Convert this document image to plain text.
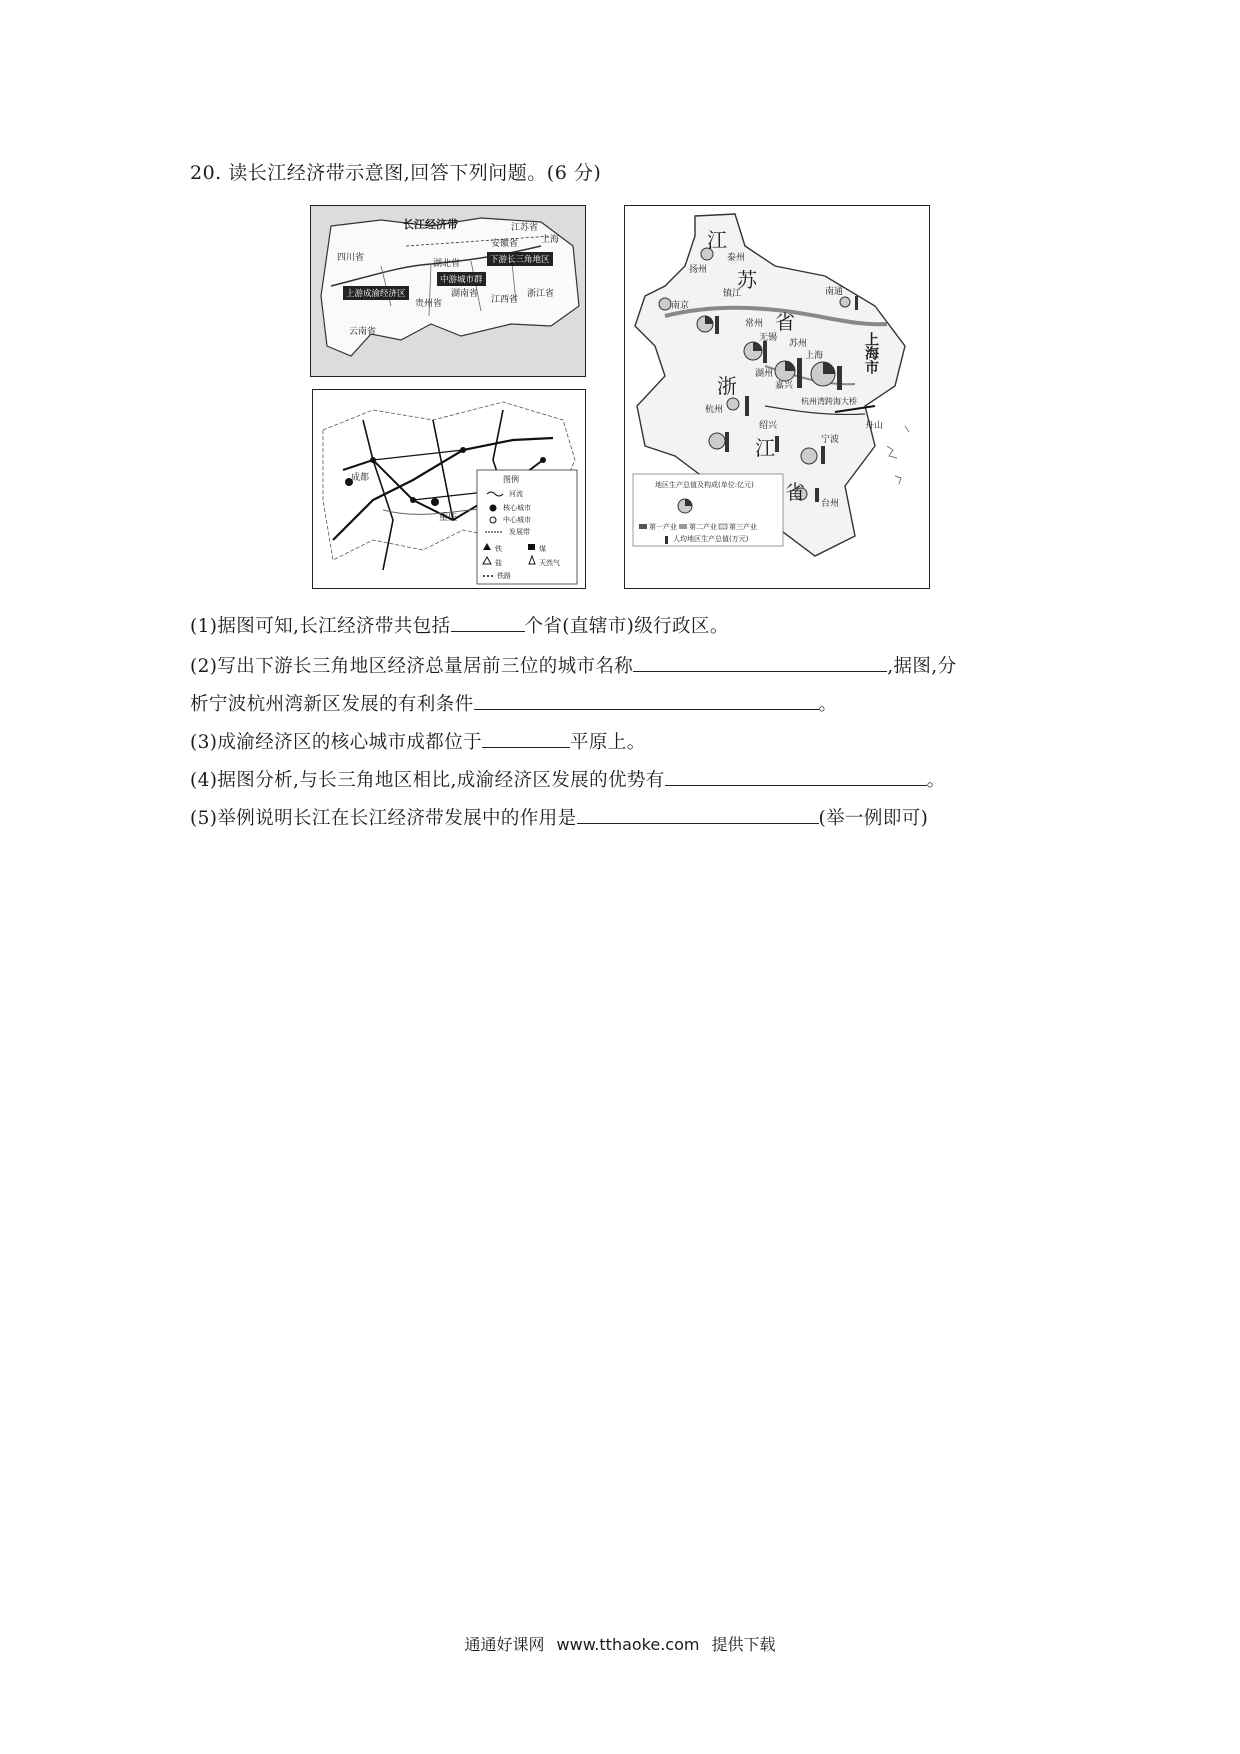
20. 读长江经济带示意图,回答下列问题。(6 分)
长江经济带
四川省
贵州省
云南省
湖北省
湖南省
江西省
安徽省
江苏省
上海
浙江省
上游成渝经济区
中游城市群
下游长三角地区
成都
重庆
图例
河流
核心城市
中心城市
发展带
铁	煤
盐	天然气
铁路
江
苏
省
浙
江
省
上海市
扬州
泰州
南京
镇江	南通
常州
无锡
苏州
上海
湖州
嘉兴
杭州
绍兴
宁波
舟山
台州
杭州湾跨海大桥
地区生产总值及构成(单位:亿元)
第一产业 第二产业 第三产业
人均地区生产总值(万元)
(1)据图可知,长江经济带共包括	个省(直辖市)级行政区。
(2)写出下游长三角地区经济总量居前三位的城市名称	,据图,分
析宁波杭州湾新区发展的有利条件	。
(3)成渝经济区的核心城市成都位于	平原上。
(4)据图分析,与长三角地区相比,成渝经济区发展的优势有	。
(5)举例说明长江在长江经济带发展中的作用是	(举一例即可)
通通好课网 www.tthaoke.com 提供下载
